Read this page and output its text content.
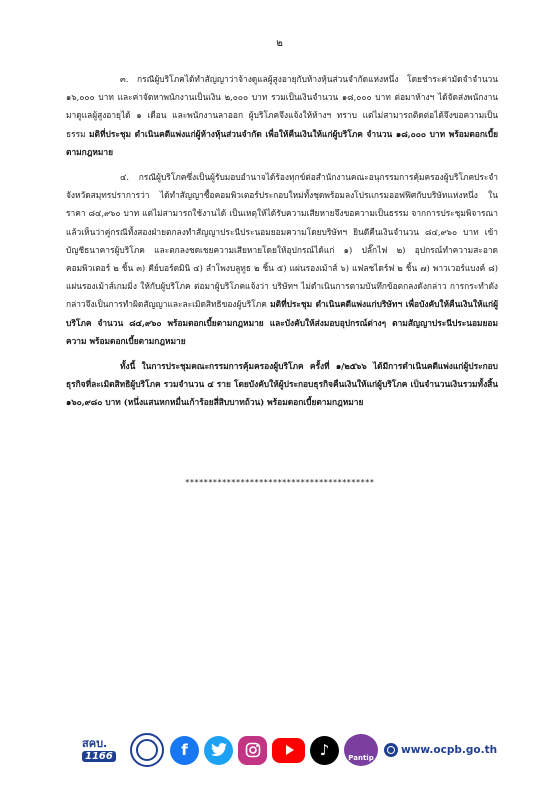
๒

๓. กรณีผู้บริโภคได้ทำสัญญาว่าจ้างดูแลผู้สูงอายุกับห้างหุ้นส่วนจำกัดแห่งหนึ่ง โดยชำระค่ามัดจำจำนวน ๑๖,๐๐๐ บาท และค่าจัดหาพนักงานเป็นเงิน ๒,๐๐๐ บาท รวมเป็นเงินจำนวน ๑๘,๐๐๐ บาท ต่อมาห้างฯ ได้จัดส่งพนักงานมาดูแลผู้สูงอายุได้ ๑ เดือน และพนักงานลาออก ผู้บริโภคจึงแจ้งให้ห้างฯ ทราบ แต่ไม่สามารถติดต่อได้จึงขอความเป็นธรรม มติที่ประชุม ดำเนินคดีแพ่งแก่ผู้ห้างหุ้นส่วนจำกัด เพื่อให้คืนเงินให้แก่ผู้บริโภค จำนวน ๑๘,๐๐๐ บาท พร้อมดอกเบี้ยตามกฎหมาย

๔. กรณีผู้บริโภคซึ่งเป็นผู้รับมอบอำนาจได้ร้องทุกข์ต่อสำนักงานคณะอนุกรรมการคุ้มครองผู้บริโภคประจำจังหวัดสมุทรปราการว่า ได้ทำสัญญาซื้อคอมพิวเตอร์ประกอบใหม่ทั้งชุดพร้อมลงโปรแกรมออฟฟิศกับบริษัทแห่งหนึ่ง ในราคา ๘๔,๙๖๐ บาท แต่ไม่สามารถใช้งานได้ เป็นเหตุให้ได้รับความเสียหายจึงขอความเป็นธรรม จากการประชุมพิจารณาแล้วเห็นว่าคู่กรณีทั้งสองฝ่ายตกลงทำสัญญาประนีประนอมยอมความโดยบริษัทฯ ยินดีคืนเงินจำนวน ๘๔,๙๖๐ บาท เข้าบัญชีธนาคารผู้บริโภค และตกลงชดเชยความเสียหายโดยให้อุปกรณ์ได้แก่ ๑) ปลั๊กไฟ ๒) อุปกรณ์ทำความสะอาดคอมพิวเตอร์ ๒ ชิ้น ๓) คีย์บอร์ดมินิ ๔) ลำโพงบลูทูธ ๒ ชิ้น ๕) แผ่นรองเม้าส์ ๖) แฟลชไดร์ฟ ๒ ชิ้น ๗) พาวเวอร์แบงค์ ๘) แผ่นรองเม้าส์เกมมิ่ง ให้กับผู้บริโภค ต่อมาผู้บริโภคแจ้งว่า บริษัทฯ ไม่ดำเนินการตามบันทึกข้อตกลงดังกล่าว การกระทำดังกล่าวจึงเป็นการทำผิดสัญญาและละเมิดสิทธิของผู้บริโภค มติที่ประชุม ดำเนินคดีแพ่งแก่บริษัทฯ เพื่อบังคับให้คืนเงินให้แก่ผู้บริโภค จำนวน ๘๔,๙๖๐ พร้อมดอกเบี้ยตามกฎหมาย และบังคับให้ส่งมอบอุปกรณ์ต่างๆ ตามสัญญาประนีประนอมยอมความ พร้อมดอกเบี้ยตามกฎหมาย

ทั้งนี้ ในการประชุมคณะกรรมการคุ้มครองผู้บริโภค ครั้งที่ ๑/๒๕๖๖ ได้มีการดำเนินคดีแพ่งแก่ผู้ประกอบธุรกิจที่ละเมิดสิทธิผู้บริโภค รวมจำนวน ๔ ราย โดยบังคับให้ผู้ประกอบธุรกิจคืนเงินให้แก่ผู้บริโภค เป็นจำนวนเงินรวมทั้งสิ้น ๑๖๐,๙๘๐ บาท (หนึ่งแสนหกหมื่นเก้าร้อยสี่สิบบาทถ้วน) พร้อมดอกเบี้ยตามกฎหมาย

*****************************************
สคบ.
1166	f	♪	Pantip
www.ocpb.go.th
